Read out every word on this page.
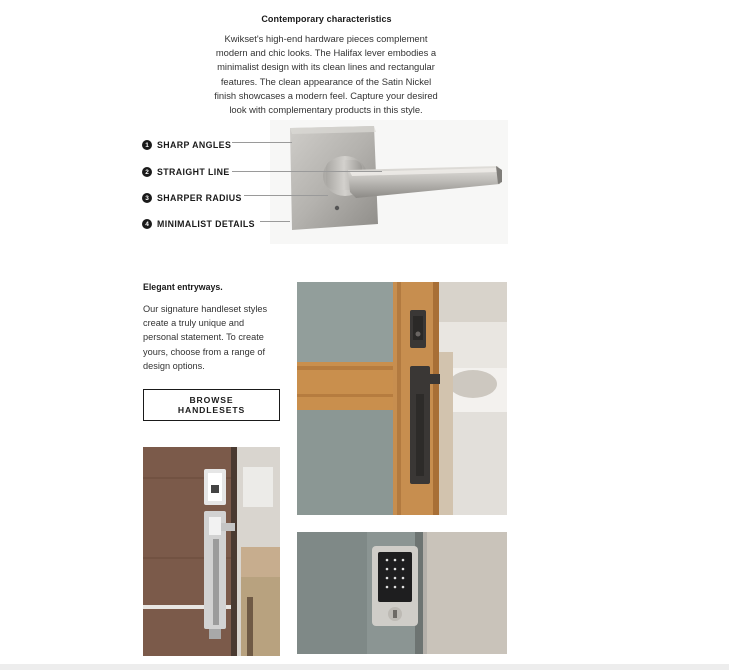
Contemporary characteristics
Kwikset's high-end hardware pieces complement
modern and chic looks. The Halifax lever embodies a
minimalist design with its clean lines and rectangular
features. The clean appearance of the Satin Nickel
finish showcases a modern feel. Capture your desired
look with complementary products in this style.
1 SHARP ANGLES
2 STRAIGHT LINE
3 SHARPER RADIUS
4 MINIMALIST DETAILS
Elegant entryways.
Our signature handleset styles
create a truly unique and
personal statement. To create
yours, choose from a range of
design options.
BROWSE
HANDLESETS
